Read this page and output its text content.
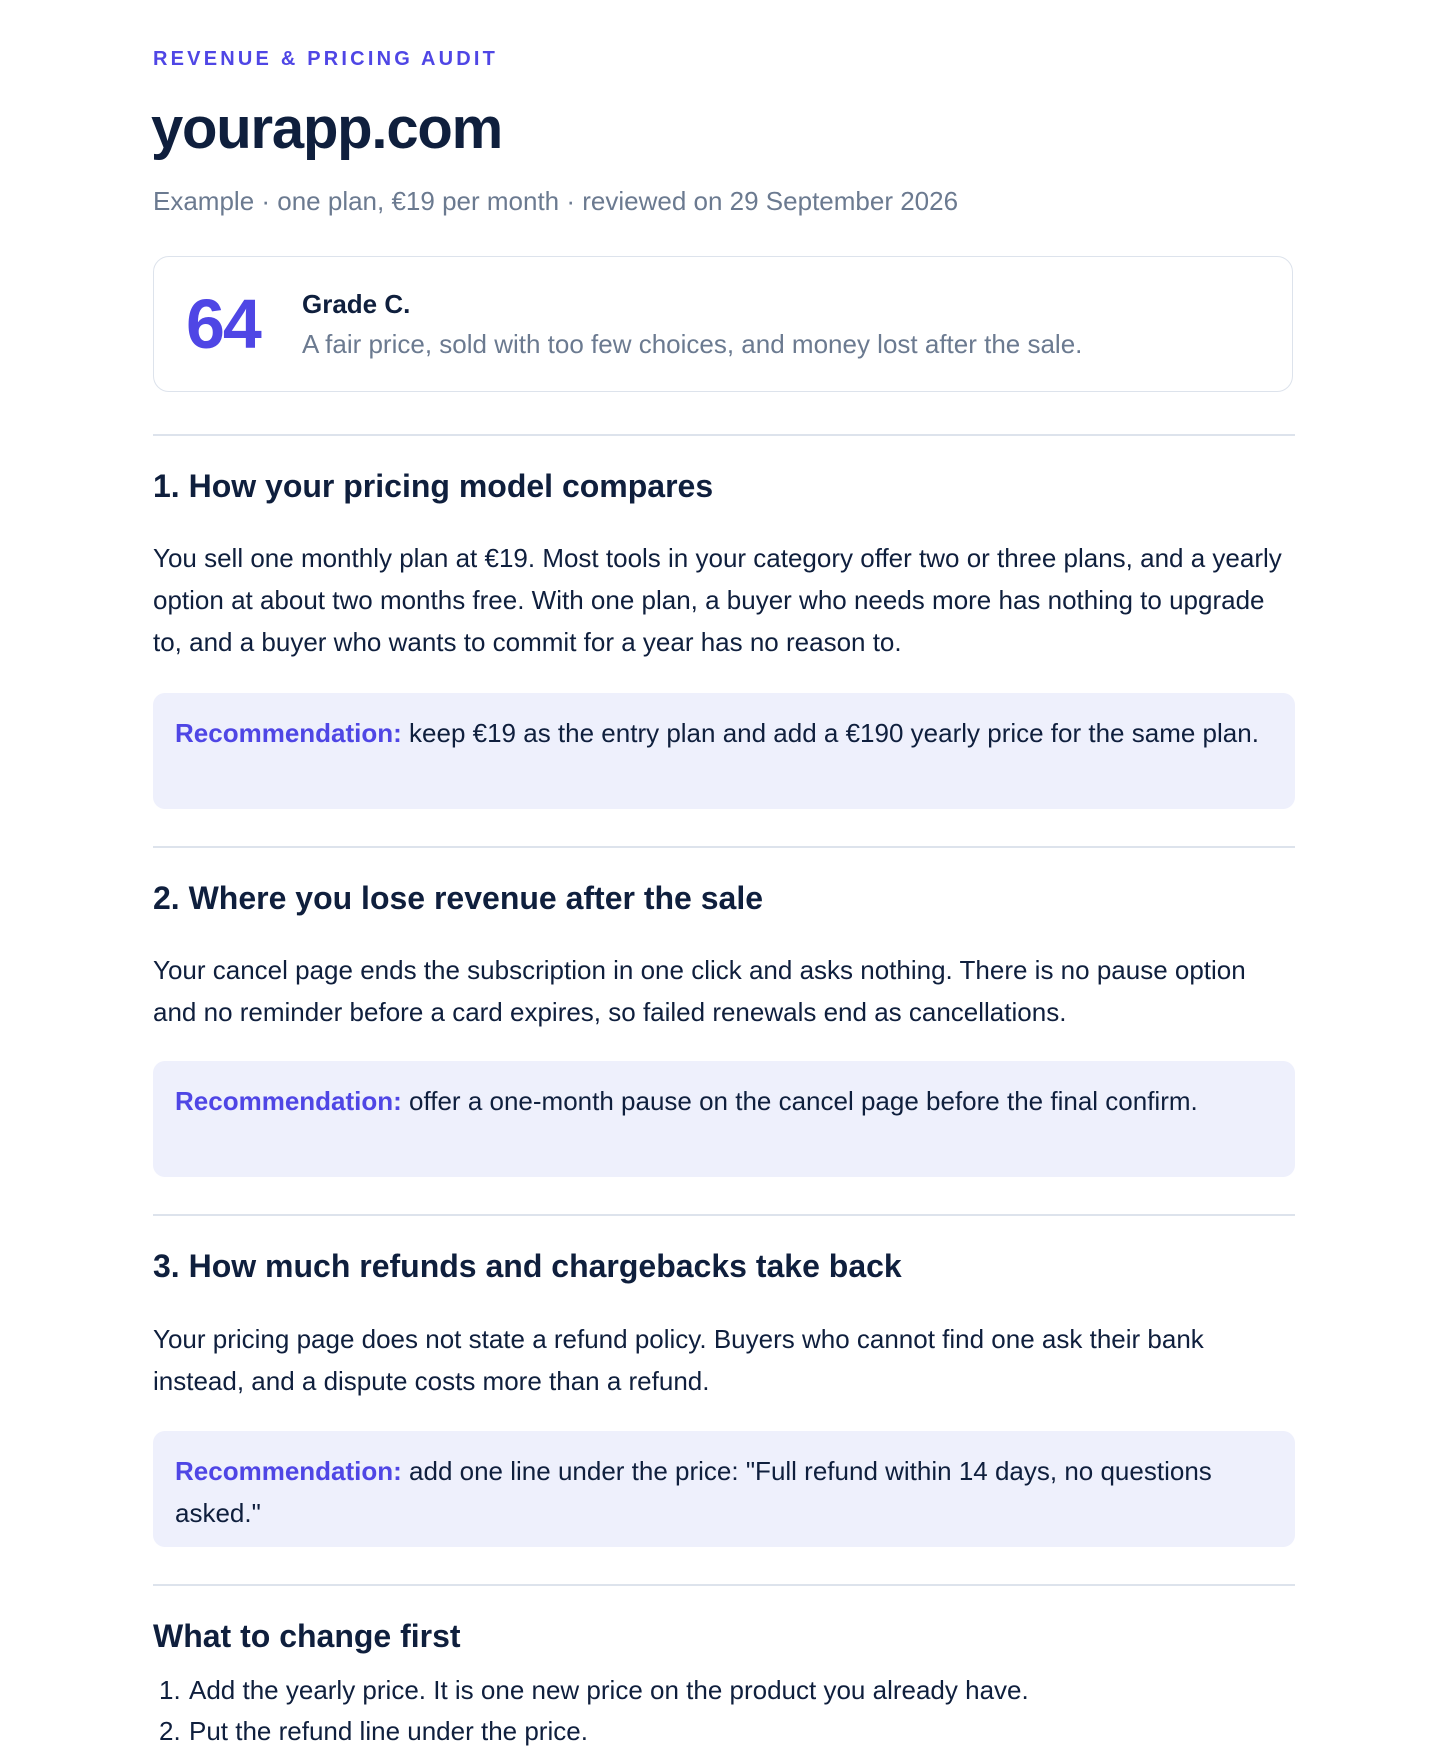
REVENUE & PRICING AUDIT
yourapp.com
Example · one plan, €19 per month · reviewed on 29 September 2026
64 Grade C.
A fair price, sold with too few choices, and money lost after the sale.
1. How your pricing model compares

You sell one monthly plan at €19. Most tools in your category offer two or three plans, and a yearly option at about two months free. With one plan, a buyer who needs more has nothing to upgrade to, and a buyer who wants to commit for a year has no reason to.

Recommendation: keep €19 as the entry plan and add a €190 yearly price for the same plan.
2. Where you lose revenue after the sale

Your cancel page ends the subscription in one click and asks nothing. There is no pause option and no reminder before a card expires, so failed renewals end as cancellations.

Recommendation: offer a one-month pause on the cancel page before the final confirm.
3. How much refunds and chargebacks take back

Your pricing page does not state a refund policy. Buyers who cannot find one ask their bank instead, and a dispute costs more than a refund.

Recommendation: add one line under the price: "Full refund within 14 days, no questions asked."
What to change first
1. Add the yearly price. It is one new price on the product you already have.
2. Put the refund line under the price.
